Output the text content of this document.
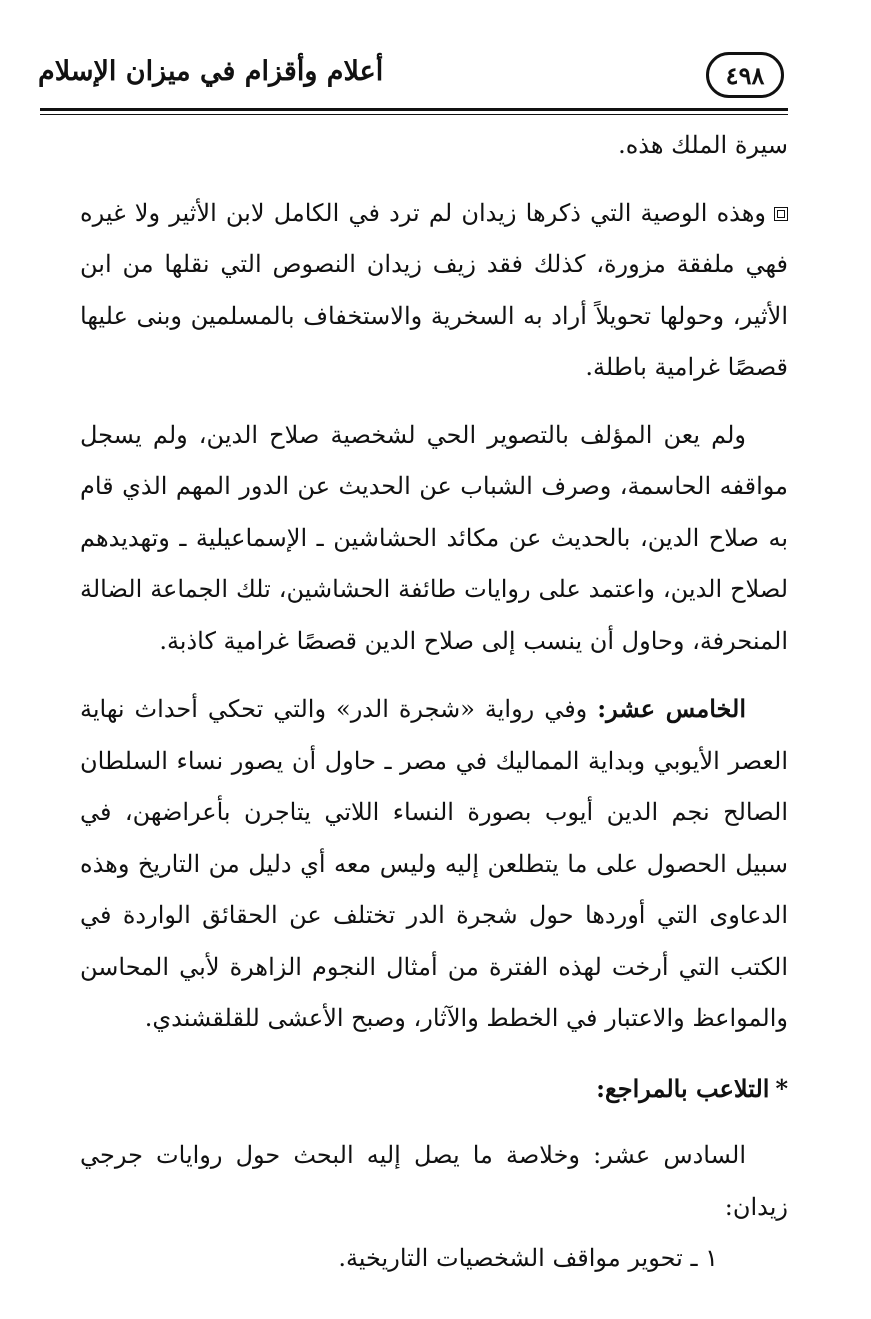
٤٩٨
أعلام وأقزام في ميزان الإسلام

سيرة الملك هذه.

وهذه الوصية التي ذكرها زيدان لم ترد في الكامل لابن الأثير ولا غيره فهي ملفقة مزورة، كذلك فقد زيف زيدان النصوص التي نقلها من ابن الأثير، وحولها تحويلاً أراد به السخرية والاستخفاف بالمسلمين وبنى عليها قصصًا غرامية باطلة.

ولم يعن المؤلف بالتصوير الحي لشخصية صلاح الدين، ولم يسجل مواقفه الحاسمة، وصرف الشباب عن الحديث عن الدور المهم الذي قام به صلاح الدين، بالحديث عن مكائد الحشاشين ـ الإسماعيلية ـ وتهديدهم لصلاح الدين، واعتمد على روايات طائفة الحشاشين، تلك الجماعة الضالة المنحرفة، وحاول أن ينسب إلى صلاح الدين قصصًا غرامية كاذبة.

الخامس عشر: وفي رواية «شجرة الدر» والتي تحكي أحداث نهاية العصر الأيوبي وبداية المماليك في مصر ـ حاول أن يصور نساء السلطان الصالح نجم الدين أيوب بصورة النساء اللاتي يتاجرن بأعراضهن، في سبيل الحصول على ما يتطلعن إليه وليس معه أي دليل من التاريخ وهذه الدعاوى التي أوردها حول شجرة الدر تختلف عن الحقائق الواردة في الكتب التي أرخت لهذه الفترة من أمثال النجوم الزاهرة لأبي المحاسن والمواعظ والاعتبار في الخطط والآثار، وصبح الأعشى للقلقشندي.

*التلاعب بالمراجع:

السادس عشر: وخلاصة ما يصل إليه البحث حول روايات جرجي زيدان:

١ ـ تحوير مواقف الشخصيات التاريخية.
